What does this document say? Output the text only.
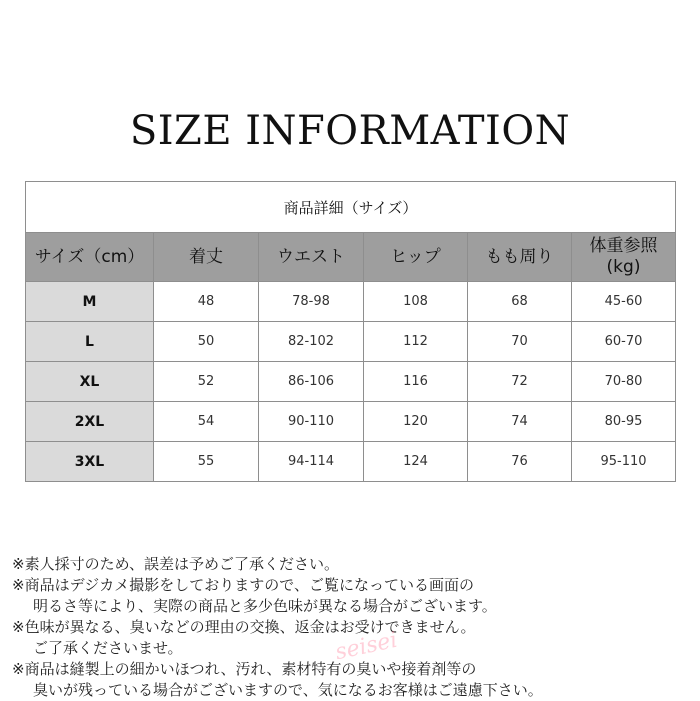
SIZE INFORMATION
商品詳細（サイズ）					
サイズ（cm）	着丈	ウエスト	ヒップ	もも周り	体重参照
(kg)

M	48	78-98	108	68	45-60
L	50	82-102	112	70	60-70
XL	52	86-106	116	72	70-80
2XL	54	90-110	120	74	80-95
3XL	55	94-114	124	76	95-110
※素人採寸のため、誤差は予めご了承ください。
※商品はデジカメ撮影をしておりますので、ご覧になっている画面の
明るさ等により、実際の商品と多少色味が異なる場合がございます。
※色味が異なる、臭いなどの理由の交換、返金はお受けできません。
ご了承くださいませ。
※商品は縫製上の細かいほつれ、汚れ、素材特有の臭いや接着剤等の
臭いが残っている場合がございますので、気になるお客様はご遠慮下さい。
seisei
